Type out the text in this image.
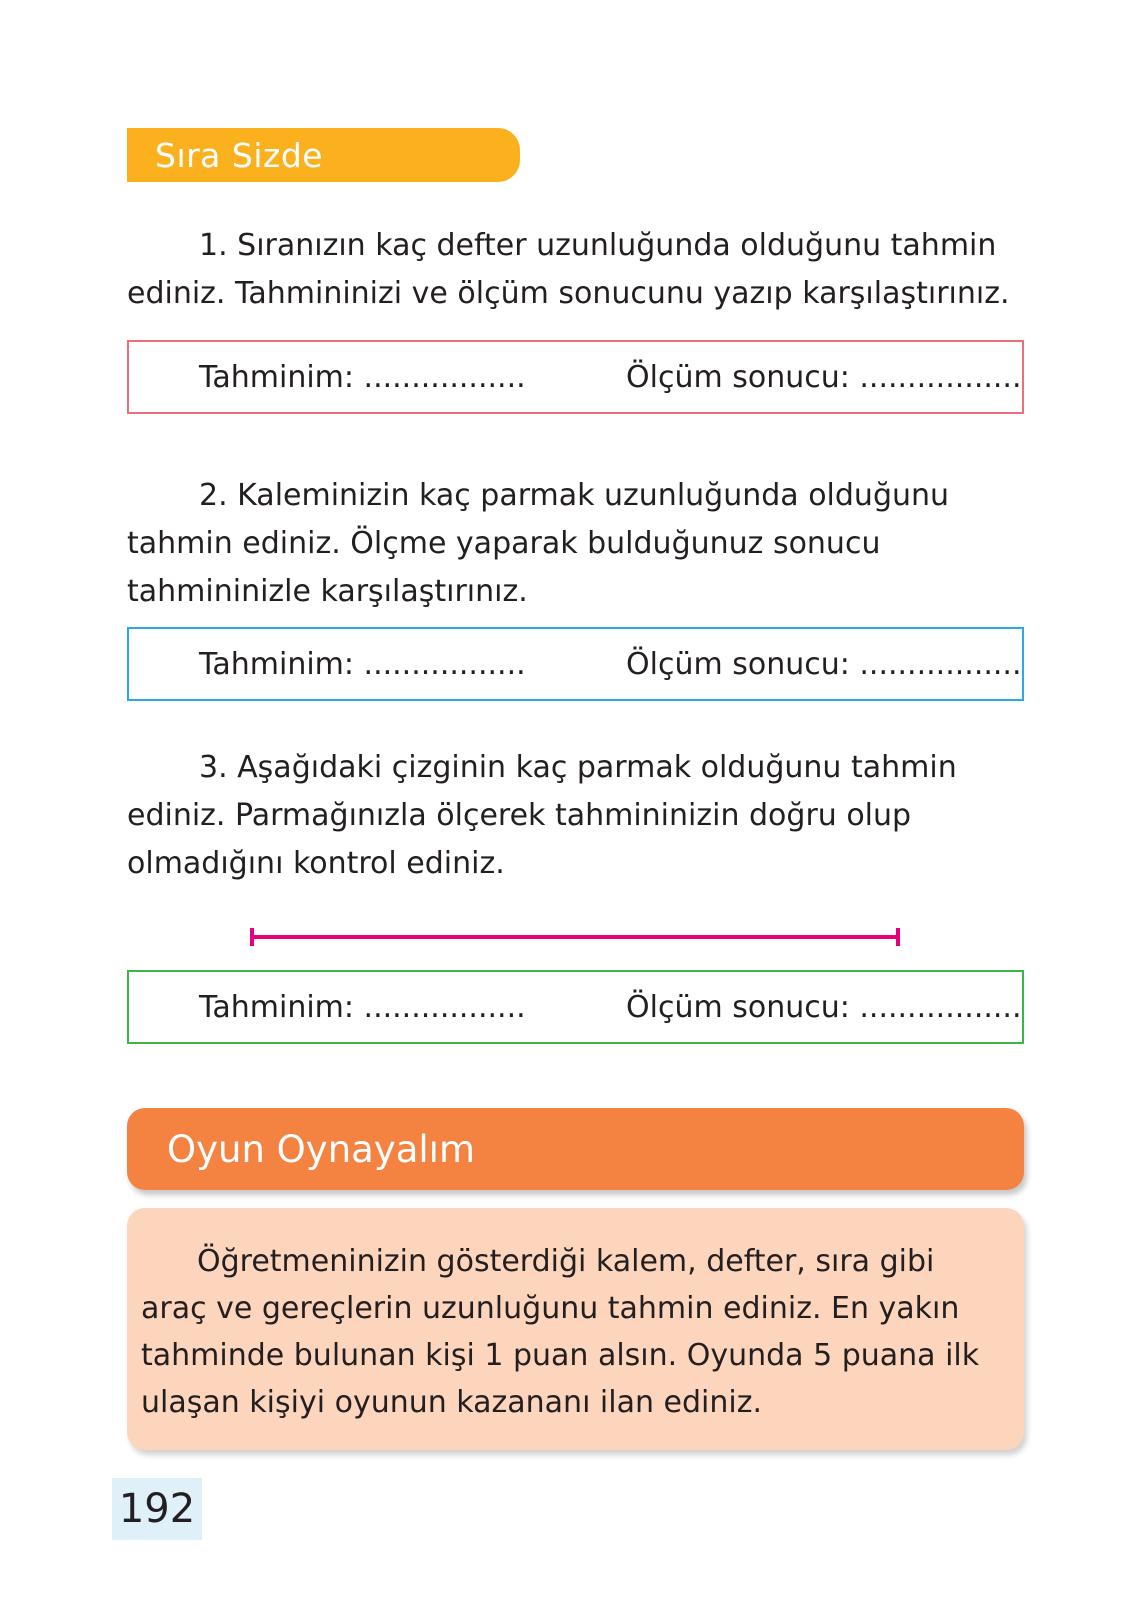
Sıra Sizde

1. Sıranızın kaç defter uzunluğunda olduğunu tahmin ediniz. Tahmininizi ve ölçüm sonucunu yazıp karşılaştırınız.

Tahminim: .................	Ölçüm sonucu: .................

2. Kaleminizin kaç parmak uzunluğunda olduğunu tahmin ediniz. Ölçme yaparak bulduğunuz sonucu tahmininizle karşılaştırınız.

Tahminim: .................	Ölçüm sonucu: .................

3. Aşağıdaki çizginin kaç parmak olduğunu tahmin ediniz. Parmağınızla ölçerek tahmininizin doğru olup olmadığını kontrol ediniz.

Tahminim: .................	Ölçüm sonucu: .................
Oyun Oynayalım

Öğretmeninizin gösterdiği kalem, defter, sıra gibi araç ve gereçlerin uzunluğunu tahmin ediniz. En yakın tahminde bulunan kişi 1 puan alsın. Oyunda 5 puana ilk ulaşan kişiyi oyunun kazananı ilan ediniz.

192
